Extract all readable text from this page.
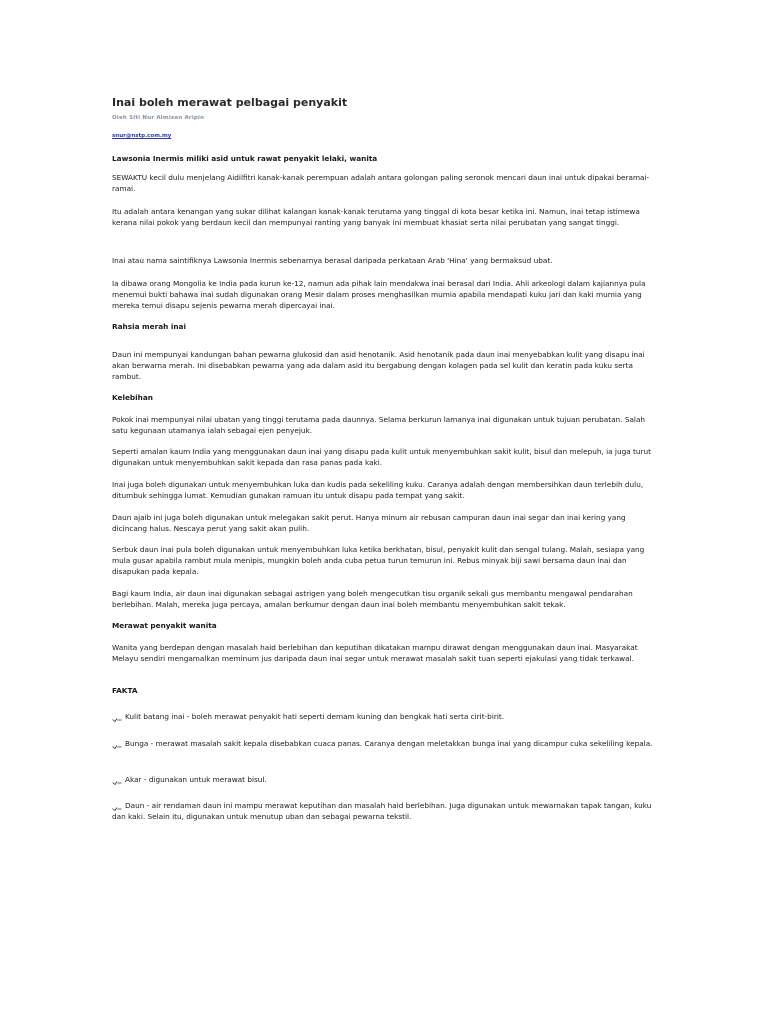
Inai boleh merawat pelbagai penyakit
Oleh Siti Nur Almizan Aripin
snur@nstp.com.my

Lawsonia Inermis miliki asid untuk rawat penyakit lelaki, wanita

SEWAKTU kecil dulu menjelang Aidilfitri kanak-kanak perempuan adalah antara golongan paling seronok mencari daun inai untuk dipakai beramai-ramai.

Itu adalah antara kenangan yang sukar dilihat kalangan kanak-kanak terutama yang tinggal di kota besar ketika ini. Namun, inai tetap istimewa kerana nilai pokok yang berdaun kecil dan mempunyai ranting yang banyak ini membuat khasiat serta nilai perubatan yang sangat tinggi.

Inai atau nama saintifiknya Lawsonia Inermis sebenarnya berasal daripada perkataan Arab 'Hina' yang bermaksud ubat.

Ia dibawa orang Mongolia ke India pada kurun ke-12, namun ada pihak lain mendakwa inai berasal dari India. Ahli arkeologi dalam kajiannya pula menemui bukti bahawa inai sudah digunakan orang Mesir dalam proses menghasilkan mumia apabila mendapati kuku jari dan kaki mumia yang mereka temui disapu sejenis pewarna merah dipercayai inai.

Rahsia merah inai

Daun ini mempunyai kandungan bahan pewarna glukosid dan asid henotanik. Asid henotanik pada daun inai menyebabkan kulit yang disapu inai akan berwarna merah. Ini disebabkan pewarna yang ada dalam asid itu bergabung dengan kolagen pada sel kulit dan keratin pada kuku serta rambut.

Kelebihan

Pokok inai mempunyai nilai ubatan yang tinggi terutama pada daunnya. Selama berkurun lamanya inai digunakan untuk tujuan perubatan. Salah satu kegunaan utamanya ialah sebagai ejen penyejuk.

Seperti amalan kaum India yang menggunakan daun inai yang disapu pada kulit untuk menyembuhkan sakit kulit, bisul dan melepuh, ia juga turut digunakan untuk menyembuhkan sakit kepada dan rasa panas pada kaki.

Inai juga boleh digunakan untuk menyembuhkan luka dan kudis pada sekeliling kuku. Caranya adalah dengan membersihkan daun terlebih dulu, ditumbuk sehingga lumat. Kemudian gunakan ramuan itu untuk disapu pada tempat yang sakit.

Daun ajaib ini juga boleh digunakan untuk melegakan sakit perut. Hanya minum air rebusan campuran daun inai segar dan inai kering yang dicincang halus. Nescaya perut yang sakit akan pulih.

Serbuk daun inai pula boleh digunakan untuk menyembuhkan luka ketika berkhatan, bisul, penyakit kulit dan sengal tulang. Malah, sesiapa yang mula gusar apabila rambut mula menipis, mungkin boleh anda cuba petua turun temurun ini. Rebus minyak biji sawi bersama daun inai dan disapukan pada kepala.

Bagi kaum India, air daun inai digunakan sebagai astrigen yang boleh mengecutkan tisu organik sekali gus membantu mengawal pendarahan berlebihan. Malah, mereka juga percaya, amalan berkumur dengan daun inai boleh membantu menyembuhkan sakit tekak.

Merawat penyakit wanita

Wanita yang berdepan dengan masalah haid berlebihan dan keputihan dikatakan mampu dirawat dengan menggunakan daun inai. Masyarakat Melayu sendiri mengamalkan meminum jus daripada daun inai segar untuk merawat masalah sakit tuan seperti ejakulasi yang tidak terkawal.

FAKTA

Kulit batang inai - boleh merawat penyakit hati seperti demam kuning dan bengkak hati serta cirit-birit.

Bunga - merawat masalah sakit kepala disebabkan cuaca panas. Caranya dengan meletakkan bunga inai yang dicampur cuka sekeliling kepala.

Akar - digunakan untuk merawat bisul.

Daun - air rendaman daun ini mampu merawat keputihan dan masalah haid berlebihan. Juga digunakan untuk mewarnakan tapak tangan, kuku dan kaki. Selain itu, digunakan untuk menutup uban dan sebagai pewarna tekstil.
